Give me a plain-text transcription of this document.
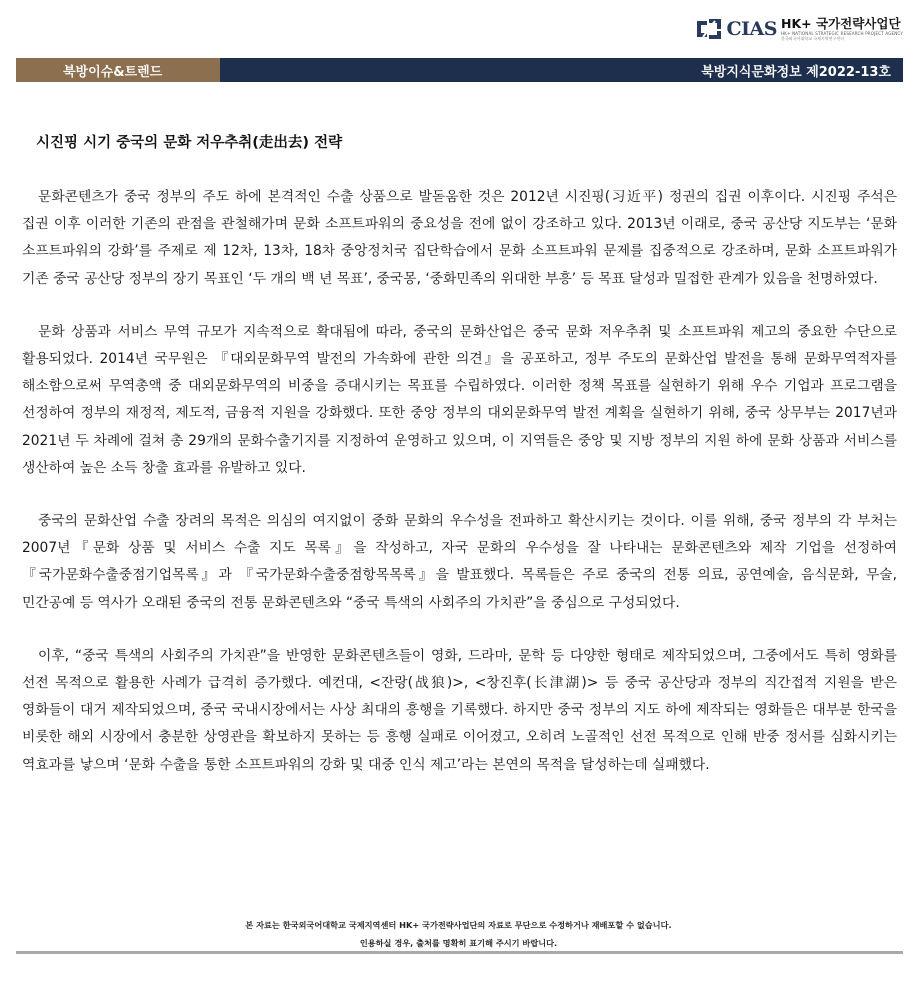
CIAS HK+ 국가전략사업단
HK+ NATIONAL STRATEGIC RESEARCH PROJECT AGENCY
한국외국어대학교 국제지역연구센터
북방이슈&트렌드	북방지식문화정보 제2022-13호
시진핑 시기 중국의 문화 저우추취(走出去) 전략

문화콘텐츠가 중국 정부의 주도 하에 본격적인 수출 상품으로 발돋움한 것은 2012년 시진핑(习近平) 정권의 집권 이후이다. 시진핑 주석은 집권 이후 이러한 기존의 관점을 관철해가며 문화 소프트파워의 중요성을 전에 없이 강조하고 있다. 2013년 이래로, 중국 공산당 지도부는 ‘문화 소프트파워의 강화’를 주제로 제 12차, 13차, 18차 중앙정치국 집단학습에서 문화 소프트파워 문제를 집중적으로 강조하며, 문화 소프트파워가 기존 중국 공산당 정부의 장기 목표인 ‘두 개의 백 년 목표’, 중국몽, ‘중화민족의 위대한 부흥’ 등 목표 달성과 밀접한 관계가 있음을 천명하였다.

문화 상품과 서비스 무역 규모가 지속적으로 확대됨에 따라, 중국의 문화산업은 중국 문화 저우추취 및 소프트파워 제고의 중요한 수단으로 활용되었다. 2014년 국무원은 『대외문화무역 발전의 가속화에 관한 의견』을 공포하고, 정부 주도의 문화산업 발전을 통해 문화무역적자를 해소함으로써 무역총액 중 대외문화무역의 비중을 증대시키는 목표를 수립하였다. 이러한 정책 목표를 실현하기 위해 우수 기업과 프로그램을 선정하여 정부의 재정적, 제도적, 금융적 지원을 강화했다. 또한 중앙 정부의 대외문화무역 발전 계획을 실현하기 위해, 중국 상무부는 2017년과 2021년 두 차례에 걸쳐 총 29개의 문화수출기지를 지정하여 운영하고 있으며, 이 지역들은 중앙 및 지방 정부의 지원 하에 문화 상품과 서비스를 생산하여 높은 소득 창출 효과를 유발하고 있다.

중국의 문화산업 수출 장려의 목적은 의심의 여지없이 중화 문화의 우수성을 전파하고 확산시키는 것이다. 이를 위해, 중국 정부의 각 부처는 2007년『문화 상품 및 서비스 수출 지도 목록』을 작성하고, 자국 문화의 우수성을 잘 나타내는 문화콘텐츠와 제작 기업을 선정하여 『국가문화수출중점기업목록』과 『국가문화수출중점항목목록』을 발표했다. 목록들은 주로 중국의 전통 의료, 공연예술, 음식문화, 무술, 민간공예 등 역사가 오래된 중국의 전통 문화콘텐츠와 “중국 특색의 사회주의 가치관”을 중심으로 구성되었다.

이후, “중국 특색의 사회주의 가치관”을 반영한 문화콘텐츠들이 영화, 드라마, 문학 등 다양한 형태로 제작되었으며, 그중에서도 특히 영화를 선전 목적으로 활용한 사례가 급격히 증가했다. 예컨대, <잔랑(战狼)>, <창진후(长津湖)> 등 중국 공산당과 정부의 직간접적 지원을 받은 영화들이 대거 제작되었으며, 중국 국내시장에서는 사상 최대의 흥행을 기록했다. 하지만 중국 정부의 지도 하에 제작되는 영화들은 대부분 한국을 비롯한 해외 시장에서 충분한 상영관을 확보하지 못하는 등 흥행 실패로 이어졌고, 오히려 노골적인 선전 목적으로 인해 반중 정서를 심화시키는 역효과를 낳으며 ‘문화 수출을 통한 소프트파워의 강화 및 대중 인식 제고’라는 본연의 목적을 달성하는데 실패했다.

본 자료는 한국외국어대학교 국제지역센터 HK+ 국가전략사업단의 자료로 무단으로 수정하거나 재배포할 수 없습니다.
인용하실 경우, 출처를 명확히 표기해 주시기 바랍니다.
